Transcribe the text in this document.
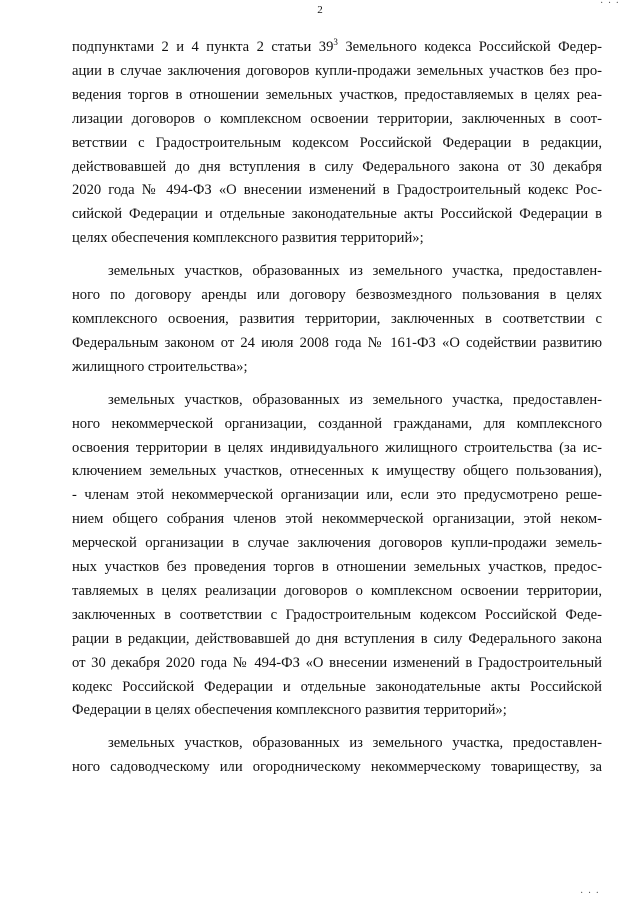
2
· · ·

подпунктами 2 и 4 пункта 2 статьи $39^3$ Земельного кодекса Российской Федер-
ации в случае заключения договоров купли-продажи земельных участков без про-
ведения торгов в отношении земельных участков, предоставляемых в целях реа-
лизации договоров о комплексном освоении территории, заключенных в соот-
ветствии с Градостроительным кодексом Российской Федерации в редакции,
действовавшей до дня вступления в силу Федерального закона от 30 декабря
2020 года № 494-ФЗ «О внесении изменений в Градостроительный кодекс Рос-
сийской Федерации и отдельные законодательные акты Российской Федерации в
целях обеспечения комплексного развития территорий»;

земельных участков, образованных из земельного участка, предоставлен-
ного по договору аренды или договору безвозмездного пользования в целях
комплексного освоения, развития территории, заключенных в соответствии с
Федеральным законом от 24 июля 2008 года № 161-ФЗ «О содействии развитию
жилищного строительства»;

земельных участков, образованных из земельного участка, предоставлен-
ного некоммерческой организации, созданной гражданами, для комплексного
освоения территории в целях индивидуального жилищного строительства (за ис-
ключением земельных участков, отнесенных к имуществу общего пользования),
- членам этой некоммерческой организации или, если это предусмотрено реше-
нием общего собрания членов этой некоммерческой организации, этой неком-
мерческой организации в случае заключения договоров купли-продажи земель-
ных участков без проведения торгов в отношении земельных участков, предос-
тавляемых в целях реализации договоров о комплексном освоении территории,
заключенных в соответствии с Градостроительным кодексом Российской Феде-
рации в редакции, действовавшей до дня вступления в силу Федерального закона
от 30 декабря 2020 года № 494-ФЗ «О внесении изменений в Градостроительный
кодекс Российской Федерации и отдельные законодательные акты Российской
Федерации в целях обеспечения комплексного развития территорий»;

земельных участков, образованных из земельного участка, предоставлен-
ного садоводческому или огородническому некоммерческому товариществу, за

· · ·
